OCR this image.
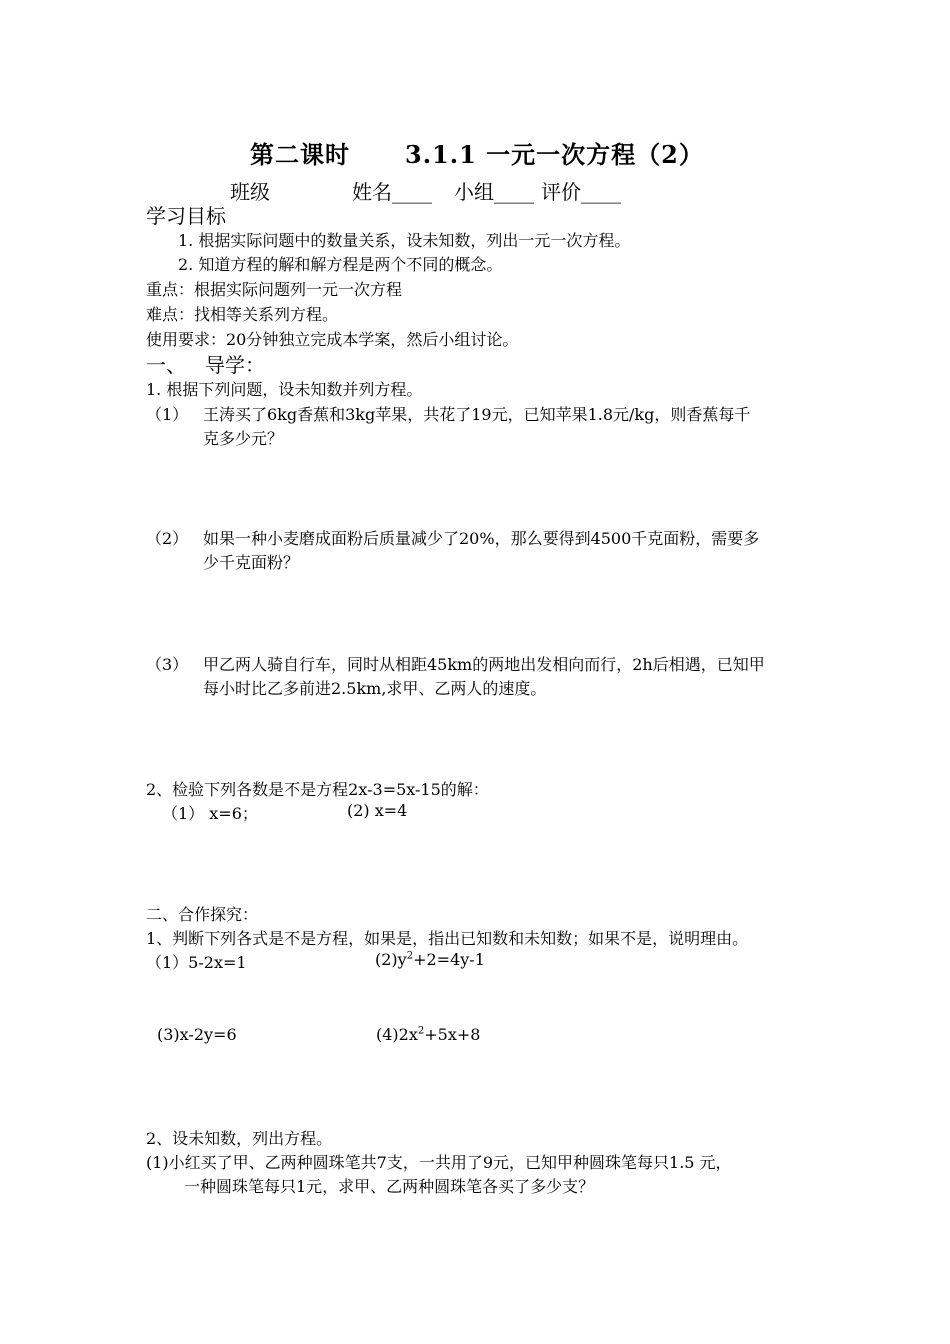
第二课时 3.1.1 一元一次方程（2）
班级	姓名____ 小组____ 评价____
学习目标
1. 根据实际问题中的数量关系，设未知数，列出一元一次方程。
2. 知道方程的解和解方程是两个不同的概念。
重点：根据实际问题列一元一次方程
难点：找相等关系列方程。
使用要求：20分钟独立完成本学案，然后小组讨论。
一、 导学：
1. 根据下列问题，设未知数并列方程。
（1） 王涛买了6kg香蕉和3kg苹果，共花了19元，已知苹果1.8元/kg，则香蕉每千
克多少元？
（2） 如果一种小麦磨成面粉后质量减少了20%，那么要得到4500千克面粉，需要多
少千克面粉？
（3） 甲乙两人骑自行车，同时从相距45km的两地出发相向而行，2h后相遇，已知甲
每小时比乙多前进2.5km,求甲、乙两人的速度。
2、检验下列各数是不是方程2x-3=5x-15的解：
（1） x=6；	(2) x=4
二、合作探究：
1、判断下列各式是不是方程，如果是，指出已知数和未知数；如果不是，说明理由。
（1）5-2x=1	$(2)y^2+2=4y-1$
(3)x-2y=6	$(4)2x^2+5x+8$
2、设未知数，列出方程。
(1)小红买了甲、乙两种圆珠笔共7支，一共用了9元，已知甲种圆珠笔每只1.5 元，
一种圆珠笔每只1元，求甲、乙两种圆珠笔各买了多少支？
